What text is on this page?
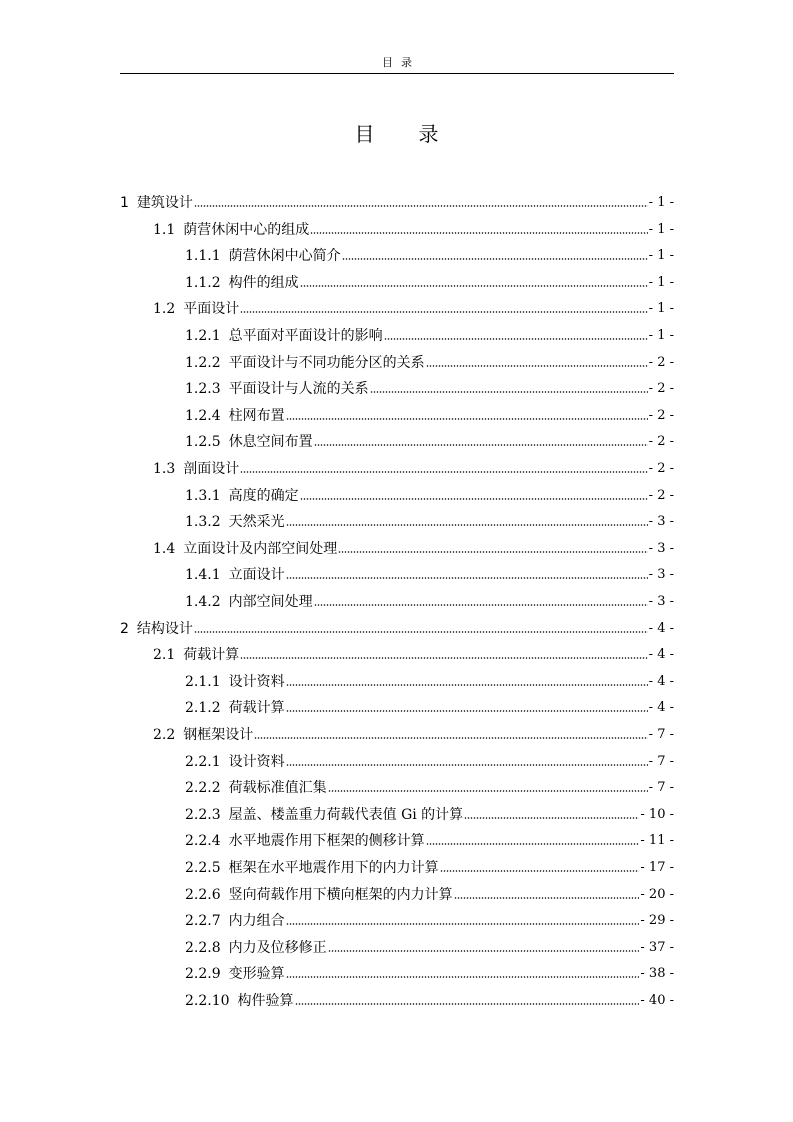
目录
目录
1 建筑设计	- 1 -
1.1 荫营休闲中心的组成	- 1 -
1.1.1 荫营休闲中心简介	- 1 -
1.1.2 构件的组成	- 1 -
1.2 平面设计	- 1 -
1.2.1 总平面对平面设计的影响	- 1 -
1.2.2 平面设计与不同功能分区的关系	- 2 -
1.2.3 平面设计与人流的关系	- 2 -
1.2.4 柱网布置	- 2 -
1.2.5 休息空间布置	- 2 -
1.3 剖面设计	- 2 -
1.3.1 高度的确定	- 2 -
1.3.2 天然采光	- 3 -
1.4 立面设计及内部空间处理	- 3 -
1.4.1 立面设计	- 3 -
1.4.2 内部空间处理	- 3 -
2 结构设计	- 4 -
2.1 荷载计算	- 4 -
2.1.1 设计资料	- 4 -
2.1.2 荷载计算	- 4 -
2.2 钢框架设计	- 7 -
2.2.1 设计资料	- 7 -
2.2.2 荷载标准值汇集	- 7 -
2.2.3 屋盖、楼盖重力荷载代表值 Gi 的计算	- 10 -
2.2.4 水平地震作用下框架的侧移计算	- 11 -
2.2.5 框架在水平地震作用下的内力计算	- 17 -
2.2.6 竖向荷载作用下横向框架的内力计算	- 20 -
2.2.7 内力组合	- 29 -
2.2.8 内力及位移修正	- 37 -
2.2.9 变形验算	- 38 -
2.2.10 构件验算	- 40 -
